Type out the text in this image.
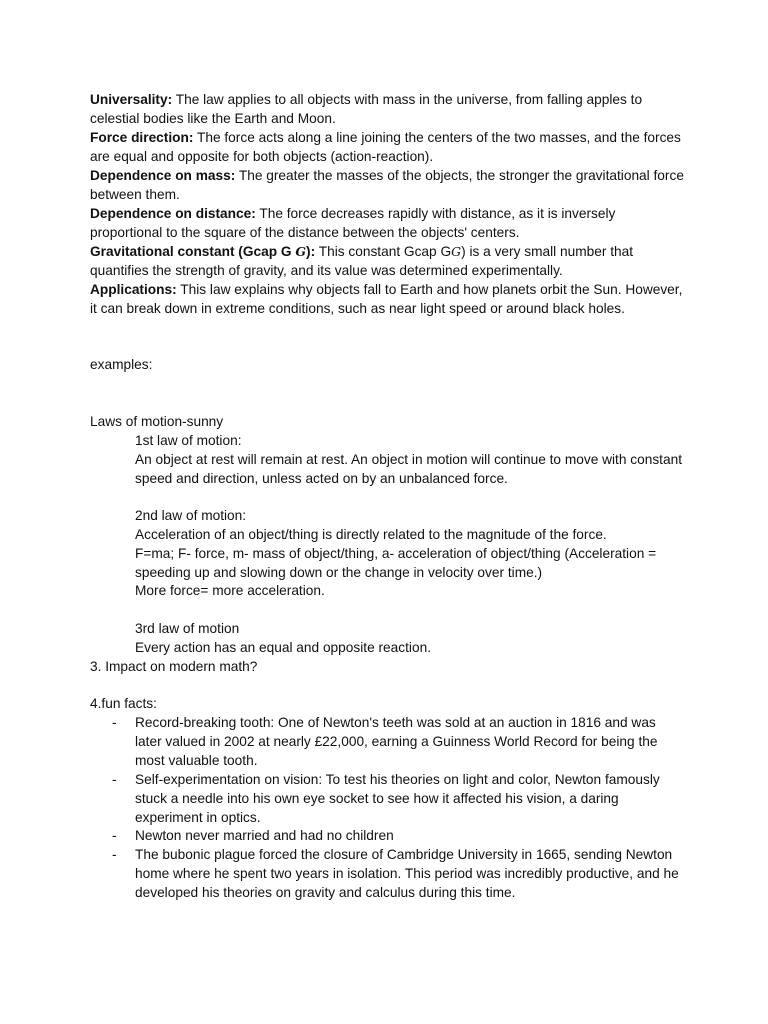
Universality: The law applies to all objects with mass in the universe, from falling apples to celestial bodies like the Earth and Moon.

Force direction: The force acts along a line joining the centers of the two masses, and the forces are equal and opposite for both objects (action-reaction).

Dependence on mass: The greater the masses of the objects, the stronger the gravitational force between them.

Dependence on distance: The force decreases rapidly with distance, as it is inversely proportional to the square of the distance between the objects' centers.

Gravitational constant (Gcap G G): This constant Gcap GG) is a very small number that quantifies the strength of gravity, and its value was determined experimentally.

Applications: This law explains why objects fall to Earth and how planets orbit the Sun. However, it can break down in extreme conditions, such as near light speed or around black holes.

examples:

Laws of motion-sunny

1st law of motion:

An object at rest will remain at rest. An object in motion will continue to move with constant speed and direction, unless acted on by an unbalanced force.

2nd law of motion:

Acceleration of an object/thing is directly related to the magnitude of the force.

F=ma; F- force, m- mass of object/thing, a- acceleration of object/thing (Acceleration = speeding up and slowing down or the change in velocity over time.)

More force= more acceleration.

3rd law of motion

Every action has an equal and opposite reaction.

3. Impact on modern math?

4.fun facts:

-	Record-breaking tooth: One of Newton's teeth was sold at an auction in 1816 and was later valued in 2002 at nearly £22,000, earning a Guinness World Record for being the most valuable tooth.

-	Self-experimentation on vision: To test his theories on light and color, Newton famously stuck a needle into his own eye socket to see how it affected his vision, a daring experiment in optics.

-	Newton never married and had no children

-	The bubonic plague forced the closure of Cambridge University in 1665, sending Newton home where he spent two years in isolation. This period was incredibly productive, and he developed his theories on gravity and calculus during this time.
